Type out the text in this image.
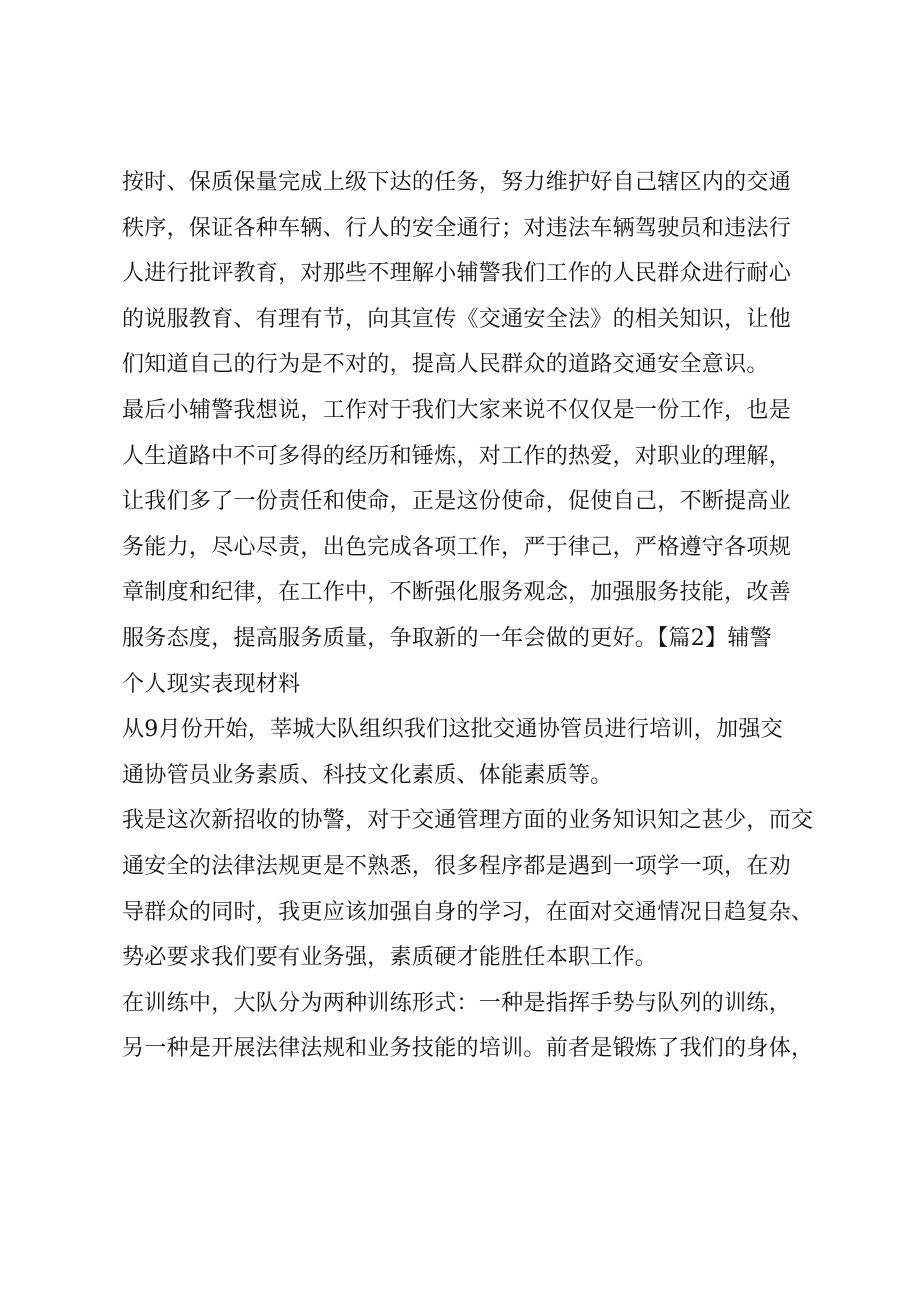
按时、保质保量完成上级下达的任务，努力维护好自己辖区内的交通
秩序，保证各种车辆、行人的安全通行；对违法车辆驾驶员和违法行
人进行批评教育，对那些不理解小辅警我们工作的人民群众进行耐心
的说服教育、有理有节，向其宣传《交通安全法》的相关知识，让他
们知道自己的行为是不对的，提高人民群众的道路交通安全意识。
最后小辅警我想说，工作对于我们大家来说不仅仅是一份工作，也是
人生道路中不可多得的经历和锤炼，对工作的热爱，对职业的理解，
让我们多了一份责任和使命，正是这份使命，促使自己，不断提高业
务能力，尽心尽责，出色完成各项工作，严于律己，严格遵守各项规
章制度和纪律，在工作中，不断强化服务观念，加强服务技能，改善
服务态度，提高服务质量，争取新的一年会做的更好。【篇2】辅警
个人现实表现材料
从9月份开始，莘城大队组织我们这批交通协管员进行培训，加强交
通协管员业务素质、科技文化素质、体能素质等。
我是这次新招收的协警，对于交通管理方面的业务知识知之甚少，而交
通安全的法律法规更是不熟悉，很多程序都是遇到一项学一项，在劝
导群众的同时，我更应该加强自身的学习，在面对交通情况日趋复杂、
势必要求我们要有业务强，素质硬才能胜任本职工作。
在训练中，大队分为两种训练形式：一种是指挥手势与队列的训练，
另一种是开展法律法规和业务技能的培训。前者是锻炼了我们的身体，
